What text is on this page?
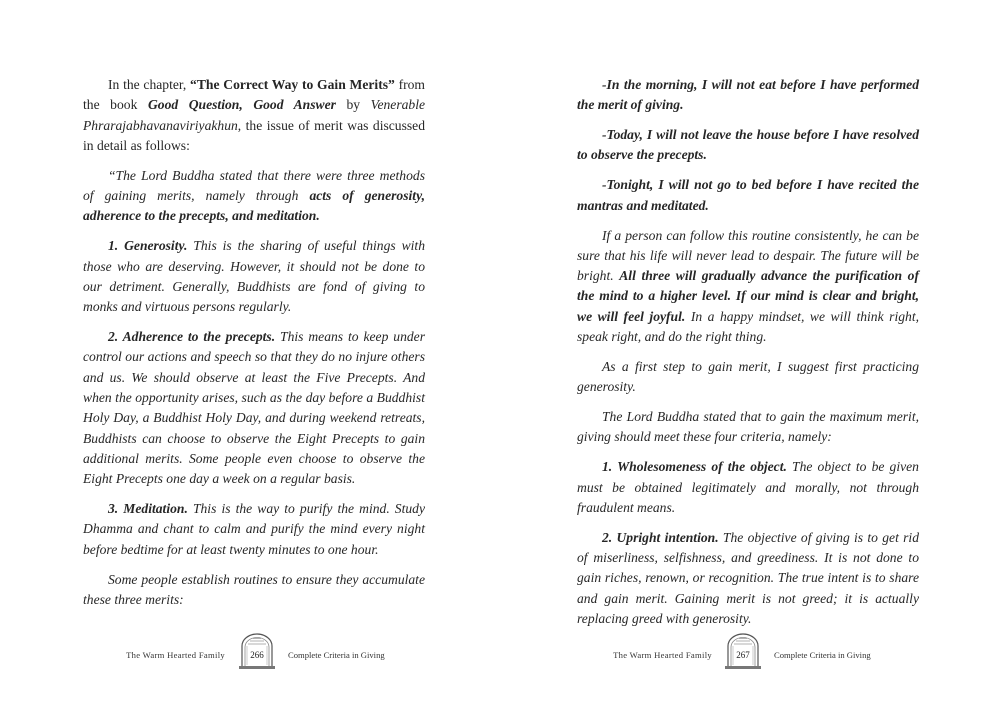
In the chapter, “The Correct Way to Gain Merits” from the book Good Question, Good Answer by Venerable Phrarajabhavanaviriyakhun, the issue of merit was discussed in detail as follows:

“The Lord Buddha stated that there were three methods of gaining merits, namely through acts of generosity, adherence to the precepts, and meditation.

1. Generosity. This is the sharing of useful things with those who are deserving. However, it should not be done to our detriment. Generally, Buddhists are fond of giving to monks and virtuous persons regularly.

2. Adherence to the precepts. This means to keep under control our actions and speech so that they do no injure others and us. We should observe at least the Five Precepts. And when the opportunity arises, such as the day before a Buddhist Holy Day, a Buddhist Holy Day, and during weekend retreats, Buddhists can choose to observe the Eight Precepts to gain additional merits. Some people even choose to observe the Eight Precepts one day a week on a regular basis.

3. Meditation. This is the way to purify the mind. Study Dhamma and chant to calm and purify the mind every night before bedtime for at least twenty minutes to one hour.

Some people establish routines to ensure they accumulate these three merits:

The Warm Hearted Family	266	Complete Criteria in Giving

-In the morning, I will not eat before I have performed the merit of giving.

-Today, I will not leave the house before I have resolved to observe the precepts.

-Tonight, I will not go to bed before I have recited the mantras and meditated.

If a person can follow this routine consistently, he can be sure that his life will never lead to despair. The future will be bright. All three will gradually advance the purification of the mind to a higher level. If our mind is clear and bright, we will feel joyful. In a happy mindset, we will think right, speak right, and do the right thing.

As a first step to gain merit, I suggest first practicing generosity.

The Lord Buddha stated that to gain the maximum merit, giving should meet these four criteria, namely:

1. Wholesomeness of the object. The object to be given must be obtained legitimately and morally, not through fraudulent means.

2. Upright intention. The objective of giving is to get rid of miserliness, selfishness, and greediness. It is not done to gain riches, renown, or recognition. The true intent is to share and gain merit. Gaining merit is not greed; it is actually replacing greed with generosity.

The Warm Hearted Family	267	Complete Criteria in Giving
